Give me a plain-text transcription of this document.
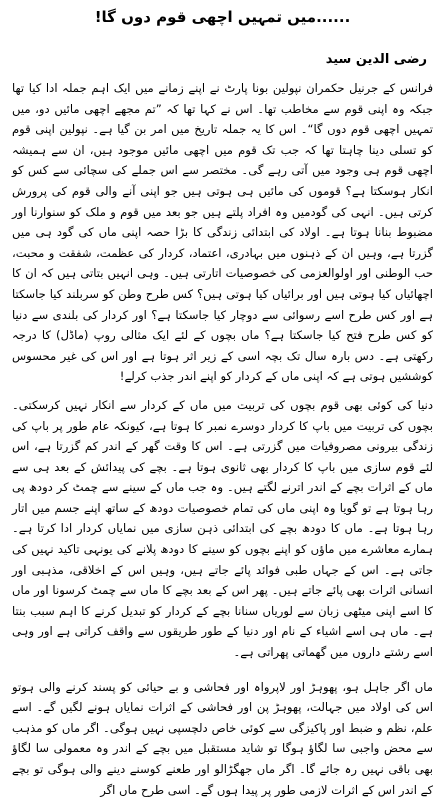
......میں تمہیں اچھی قوم دوں گا!
رضی الدین سید

فرانس کے جرنیل حکمران نپولین بونا پارٹ نے اپنے زمانے میں ایک اہم جملہ ادا کیا تھا جبکہ وہ اپنی قوم سے مخاطب تھا۔ اس نے کہا تھا کہ ”تم مجھے اچھی مائیں دو، میں تمہیں اچھی قوم دوں گا“۔ اس کا یہ جملہ تاریخ میں امر بن گیا ہے۔ نپولین اپنی قوم کو تسلی دینا چاہتا تھا کہ جب تک قوم میں اچھی مائیں موجود ہیں، ان سے ہمیشہ اچھی قوم ہی وجود میں آتی رہے گی۔ مختصر سے اس جملے کی سچائی سے کس کو انکار ہوسکتا ہے؟ قوموں کی مائیں ہی ہوتی ہیں جو اپنی آنے والی قوم کی پرورش کرتی ہیں۔ انہی کی گودمیں وہ افراد پلتے ہیں جو بعد میں قوم و ملک کو سنوارنا اور مضبوط بنانا ہوتا ہے۔ اولاد کی ابتدائی زندگی کا بڑا حصہ اپنی ماں کی گود ہی میں گزرتا ہے، وہیں ان کے ذہنوں میں بہادری، اعتماد، کردار کی عظمت، شفقت و محبت، حب الوطنی اور اولوالعزمی کی خصوصیات اتارتی ہیں۔ وہی انہیں بتاتی ہیں کہ ان کا اچھائیاں کیا ہوتی ہیں اور برائیاں کیا ہوتی ہیں؟ کس طرح وطن کو سربلند کیا جاسکتا ہے اور کس طرح اسے رسوائی سے دوچار کیا جاسکتا ہے؟ اور کردار کی بلندی سے دنیا کو کس طرح فتح کیا جاسکتا ہے؟ ماں بچوں کے لئے ایک مثالی روپ (ماڈل) کا درجہ رکھتی ہے۔ دس بارہ سال تک بچہ اسی کے زیر اثر ہوتا ہے اور اس کی غیر محسوس کوششیں ہوتی ہے کہ اپنی ماں کے کردار کو اپنے اندر جذب کرلے!

دنیا کی کوئی بھی قوم بچوں کی تربیت میں ماں کے کردار سے انکار نہیں کرسکتی۔ بچوں کی تربیت میں باپ کا کردار دوسرے نمبر کا ہوتا ہے، کیونکہ عام طور پر باپ کی زندگی بیرونی مصروفیات میں گزرتی ہے۔ اس کا وقت گھر کے اندر کم گزرتا ہے، اس لئے قوم سازی میں باپ کا کردار بھی ثانوی ہوتا ہے۔ بچے کی پیدائش کے بعد ہی سے ماں کے اثرات بچے کے اندر اترنے لگتے ہیں۔ وہ جب ماں کے سینے سے چمٹ کر دودھ پی رہا ہوتا ہے تو گویا وہ اپنی ماں کی تمام خصوصیات دودھ کے ساتھ اپنے جسم میں اتار رہا ہوتا ہے۔ ماں کا دودھ بچے کی ابتدائی ذہن سازی میں نمایاں کردار ادا کرتا ہے۔ ہمارے معاشرے میں ماؤں کو اپنے بچوں کو سینے کا دودھ پلانے کی یونہی تاکید نہیں کی جاتی ہے۔ اس کے جہاں طبی فوائد پائے جاتے ہیں، وہیں اس کے اخلاقی، مذہبی اور انسانی اثرات بھی پائے جاتے ہیں۔ پھر اس کے بعد بچے کا ماں سے چمٹ کرسونا اور ماں کا اسے اپنی میٹھی زبان سے لوریاں سنانا بچے کے کردار کو تبدیل کرنے کا اہم سبب بنتا ہے۔ ماں ہی اسے اشیاء کے نام اور دنیا کے طور طریقوں سے واقف کراتی ہے اور وہی اسے رشتے داروں میں گھماتی پھراتی ہے۔

ماں اگر جاہل ہو، پھوہڑ اور لاپرواہ اور فحاشی و بے حیائی کو پسند کرنے والی ہوتو اس کی اولاد میں جہالت، پھوہڑ پن اور فحاشی کے اثرات نمایاں ہونے لگیں گے۔ اسے علم، نظم و ضبط اور پاکیزگی سے کوئی خاص دلچسپی نہیں ہوگی۔ اگر ماں کو مذہب سے محض واجبی سا لگاؤ ہوگا تو شاید مستقبل میں بچے کے اندر وہ معمولی سا لگاؤ بھی باقی نہیں رہ جائے گا۔ اگر ماں جھگڑالو اور طعنے کوسنے دینے والی ہوگی تو بچے کے اندر اس کے اثرات لازمی طور پر پیدا ہوں گے۔ اسی طرح ماں اگر
